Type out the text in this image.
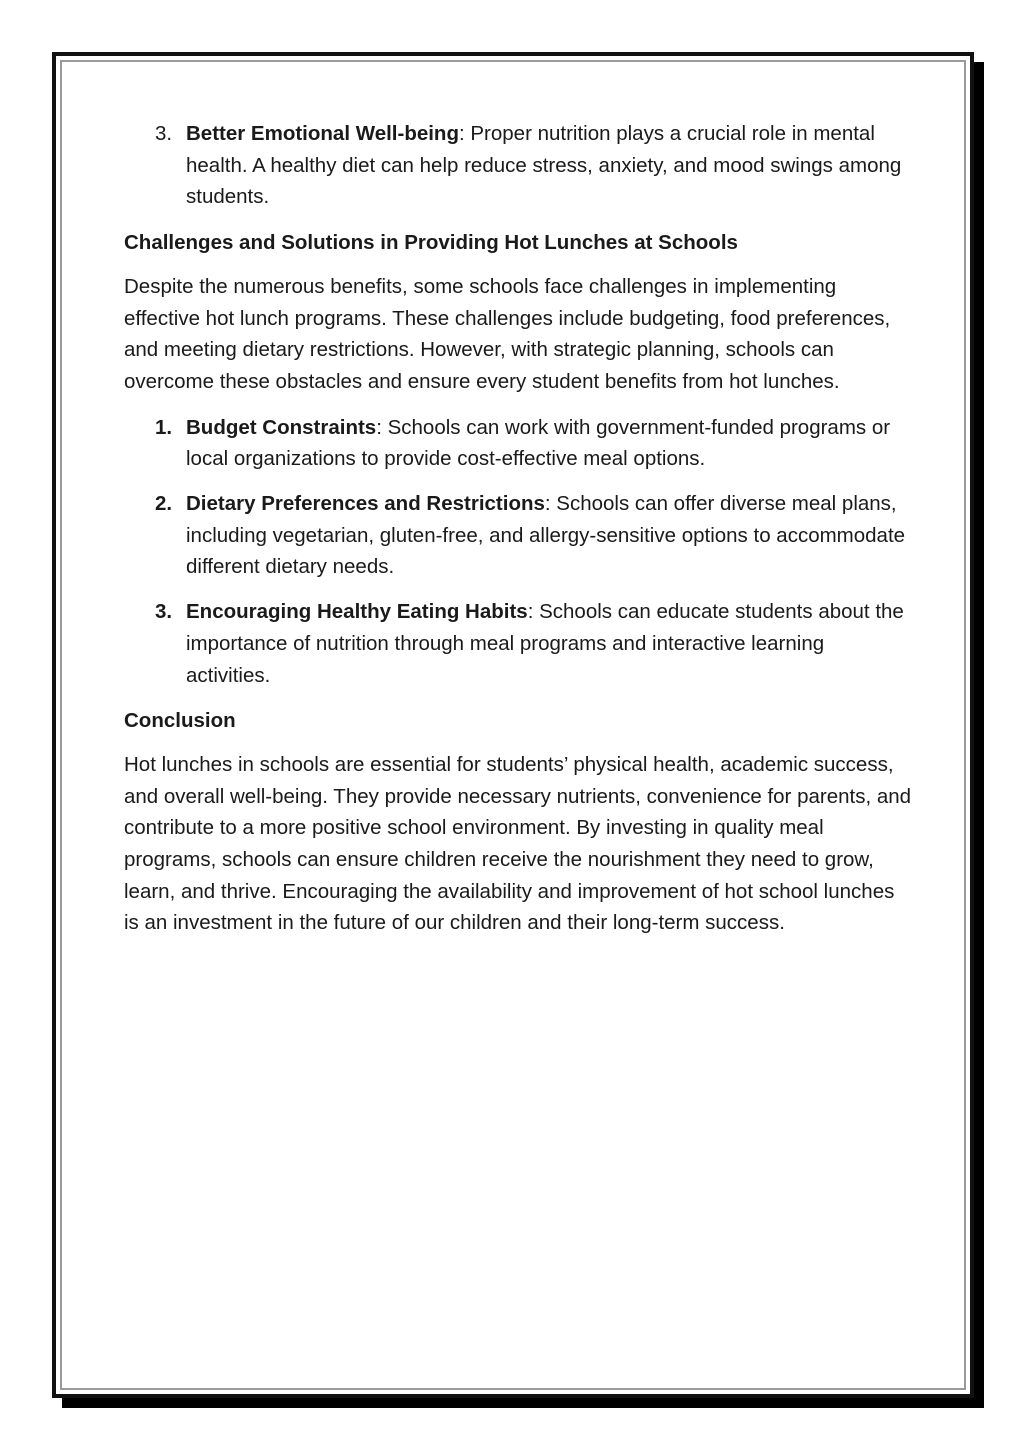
3. Better Emotional Well-being: Proper nutrition plays a crucial role in mental health. A healthy diet can help reduce stress, anxiety, and mood swings among students.
Challenges and Solutions in Providing Hot Lunches at Schools

Despite the numerous benefits, some schools face challenges in implementing effective hot lunch programs. These challenges include budgeting, food preferences, and meeting dietary restrictions. However, with strategic planning, schools can overcome these obstacles and ensure every student benefits from hot lunches.

1. Budget Constraints: Schools can work with government-funded programs or local organizations to provide cost-effective meal options.
2. Dietary Preferences and Restrictions: Schools can offer diverse meal plans, including vegetarian, gluten-free, and allergy-sensitive options to accommodate different dietary needs.
3. Encouraging Healthy Eating Habits: Schools can educate students about the importance of nutrition through meal programs and interactive learning activities.
Conclusion

Hot lunches in schools are essential for students’ physical health, academic success, and overall well-being. They provide necessary nutrients, convenience for parents, and contribute to a more positive school environment. By investing in quality meal programs, schools can ensure children receive the nourishment they need to grow, learn, and thrive. Encouraging the availability and improvement of hot school lunches is an investment in the future of our children and their long-term success.
